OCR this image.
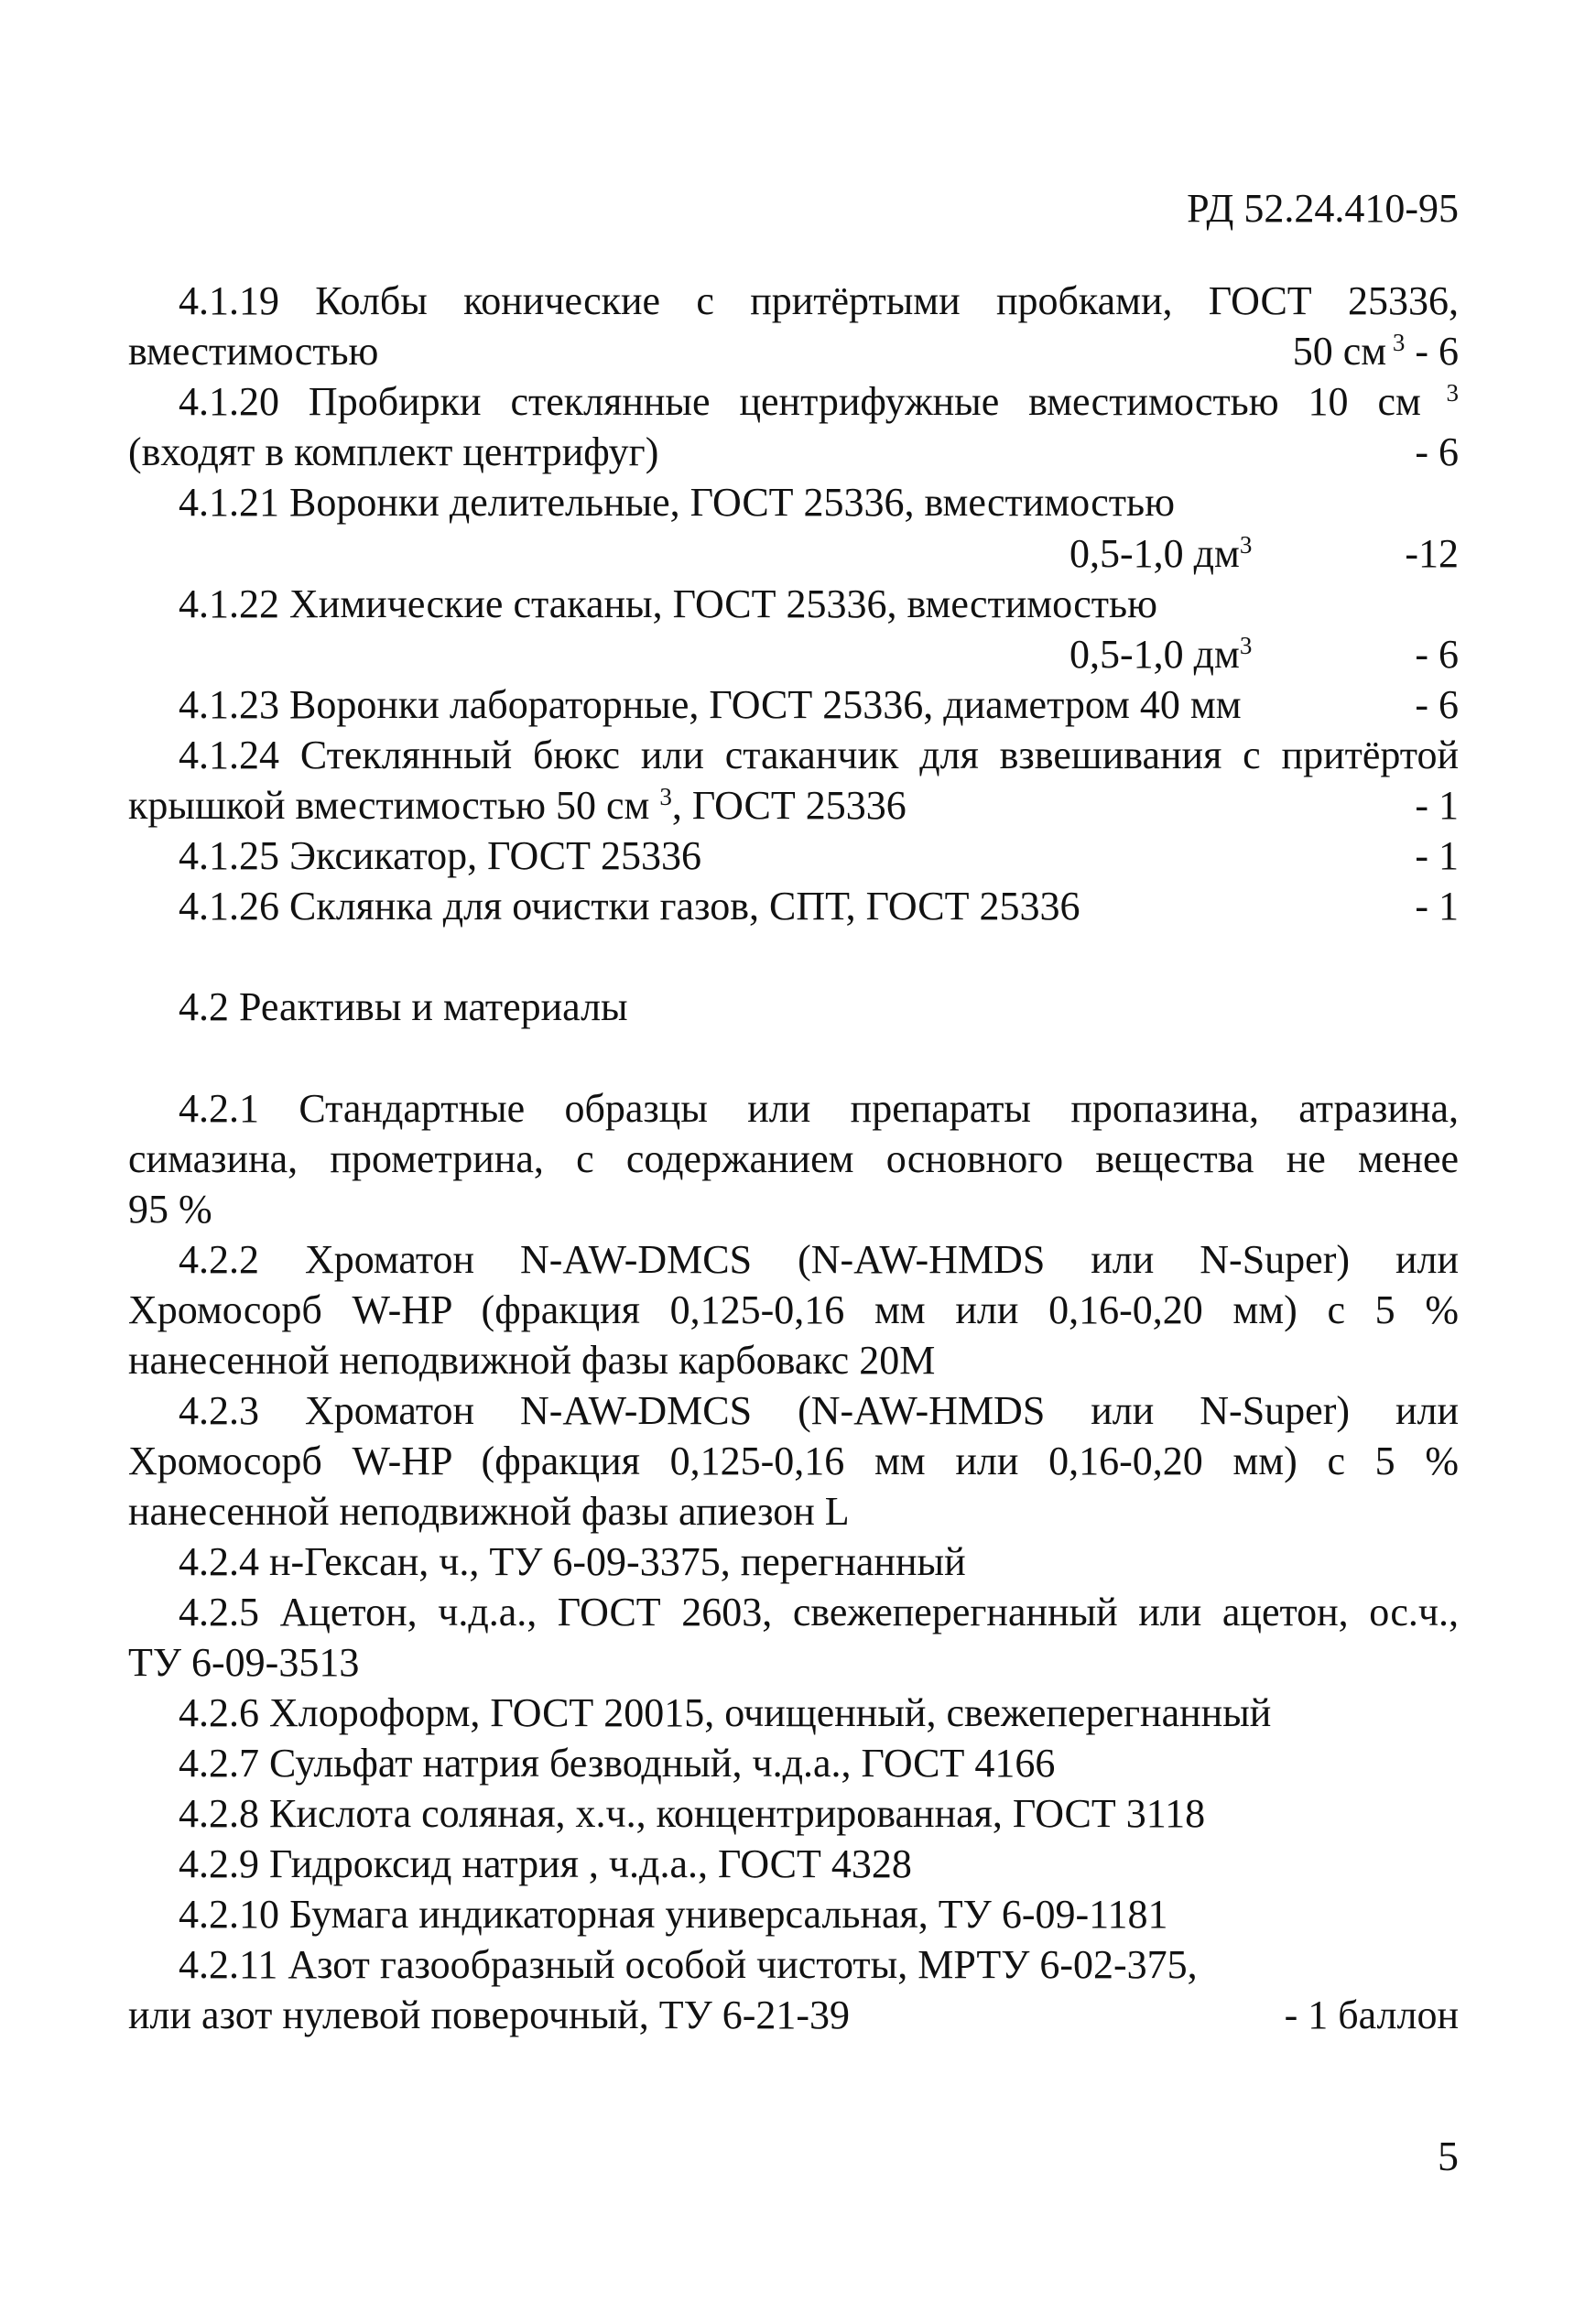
РД 52.24.410-95
4.1.19 Колбы конические с притёртыми пробками, ГОСТ 25336,
вместимостью	50 см $^3$ - 6
4.1.20 Пробирки стеклянные центрифужные вместимостью 10 см $^3$
(входят в комплект центрифуг)	- 6
4.1.21 Воронки делительные, ГОСТ 25336, вместимостью
0,5-1,0 $дм^3$	-12
4.1.22 Химические стаканы, ГОСТ 25336, вместимостью
0,5-1,0 $дм^3$	- 6
4.1.23 Воронки лабораторные, ГОСТ 25336, диаметром 40 мм	- 6
4.1.24 Стеклянный бюкс или стаканчик для взвешивания с притёртой
крышкой вместимостью 50 см $^3$, ГОСТ 25336	- 1
4.1.25 Эксикатор, ГОСТ 25336	- 1
4.1.26 Склянка для очистки газов, СПТ, ГОСТ 25336	- 1
4.2 Реактивы и материалы
4.2.1 Стандартные образцы или препараты пропазина, атразина,
симазина, прометрина, с содержанием основного вещества не менее
95 %
4.2.2 Хроматон N-AW-DMCS (N-AW-HMDS или N-Super) или
Хромосорб W-HP (фракция 0,125-0,16 мм или 0,16-0,20 мм) с 5 %
нанесенной неподвижной фазы карбовакс 20М
4.2.3 Хроматон N-AW-DMCS (N-AW-HMDS или N-Super) или
Хромосорб W-HP (фракция 0,125-0,16 мм или 0,16-0,20 мм) с 5 %
нанесенной неподвижной фазы апиезон L
4.2.4 н-Гексан, ч., ТУ 6-09-3375, перегнанный
4.2.5 Ацетон, ч.д.а., ГОСТ 2603, свежеперегнанный или ацетон, ос.ч.,
ТУ 6-09-3513
4.2.6 Хлороформ, ГОСТ 20015, очищенный, свежеперегнанный
4.2.7 Сульфат натрия безводный, ч.д.а., ГОСТ 4166
4.2.8 Кислота соляная, х.ч., концентрированная, ГОСТ 3118
4.2.9 Гидроксид натрия , ч.д.а., ГОСТ 4328
4.2.10 Бумага индикаторная универсальная, ТУ 6-09-1181
4.2.11 Азот газообразный особой чистоты, МРТУ 6-02-375,
или азот нулевой поверочный, ТУ 6-21-39	- 1 баллон
5
